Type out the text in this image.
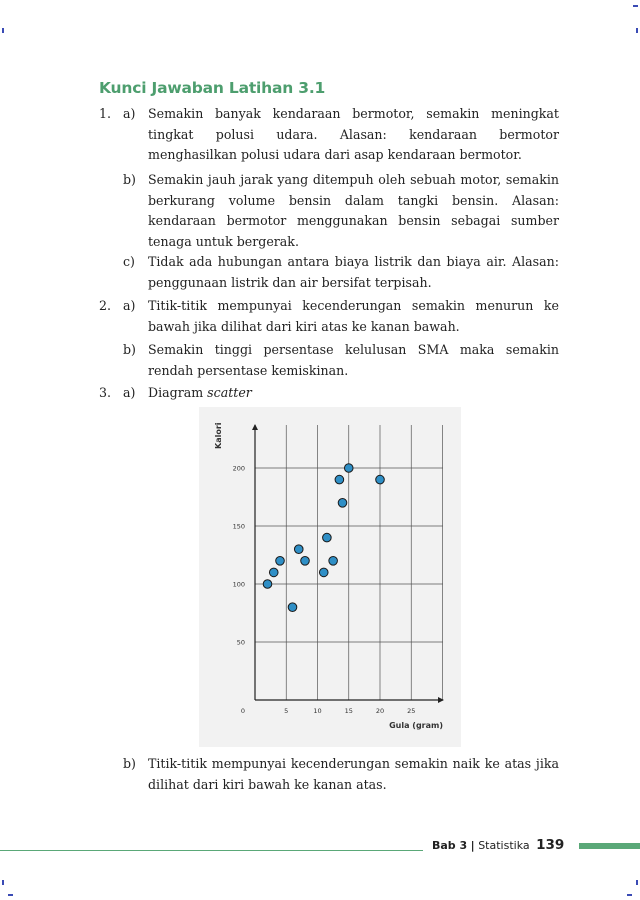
Kunci Jawaban Latihan 3.1
1. a) Semakin banyak kendaraan bermotor, semakin meningkat tingkat polusi udara. Alasan: kendaraan bermotor menghasilkan polusi udara dari asap kendaraan bermotor.
b) Semakin jauh jarak yang ditempuh oleh sebuah motor, semakin berkurang volume bensin dalam tangki bensin. Alasan: kendaraan bermotor menggunakan bensin sebagai sumber tenaga untuk bergerak.
c) Tidak ada hubungan antara biaya listrik dan biaya air. Alasan: penggunaan listrik dan air bersifat terpisah.
2. a) Titik-titik mempunyai kecenderungan semakin menurun ke bawah jika dilihat dari kiri atas ke kanan bawah.
b) Semakin tinggi persentase kelulusan SMA maka semakin rendah persentase kemiskinan.
3. a) Diagram scatter
0	5	10	15	20	25
50
100
150
200
Kalori
Gula (gram)
b) Titik-titik mempunyai kecenderungan semakin naik ke atas jika dilihat dari kiri bawah ke kanan atas.
Bab 3 | Statistika 139
